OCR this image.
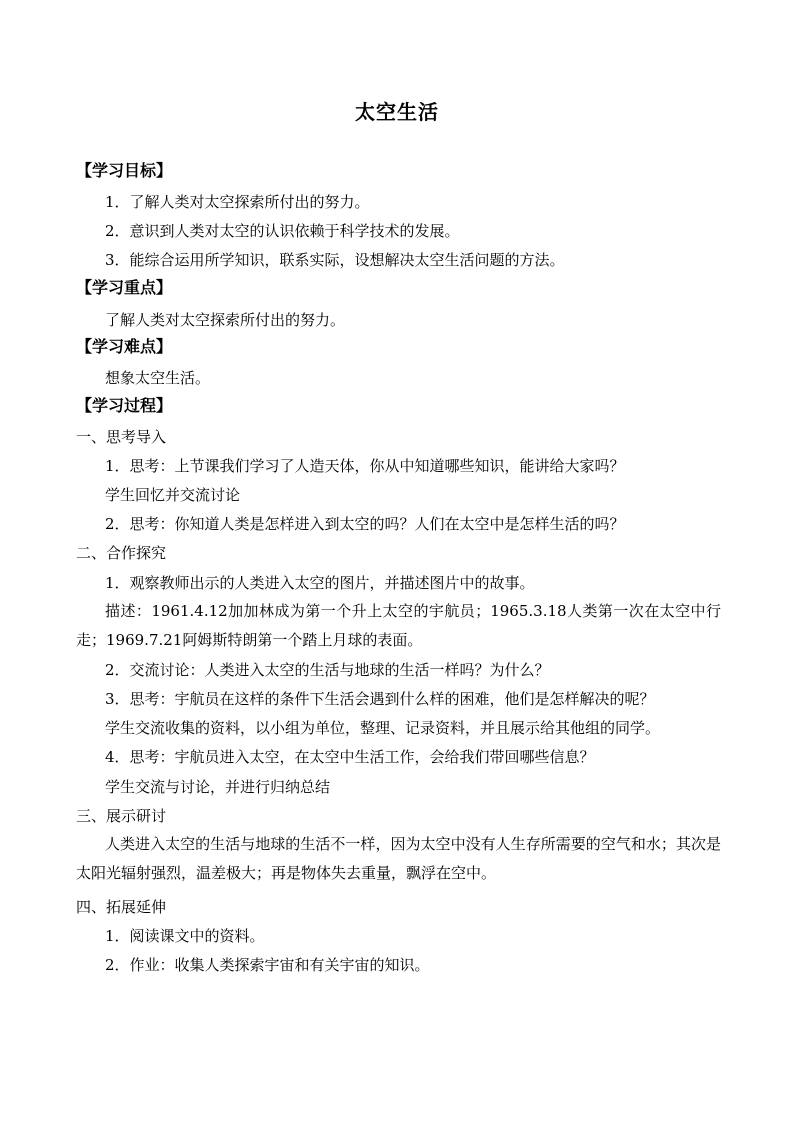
太空生活
【学习目标】
1．了解人类对太空探索所付出的努力。
2．意识到人类对太空的认识依赖于科学技术的发展。
3．能综合运用所学知识，联系实际，设想解决太空生活问题的方法。
【学习重点】
了解人类对太空探索所付出的努力。
【学习难点】
想象太空生活。
【学习过程】
一、思考导入
1．思考：上节课我们学习了人造天体，你从中知道哪些知识，能讲给大家吗？
学生回忆并交流讨论
2．思考：你知道人类是怎样进入到太空的吗？人们在太空中是怎样生活的吗？
二、合作探究
1．观察教师出示的人类进入太空的图片，并描述图片中的故事。
描述：1961.4.12加加林成为第一个升上太空的宇航员；1965.3.18人类第一次在太空中行走；1969.7.21阿姆斯特朗第一个踏上月球的表面。
2．交流讨论：人类进入太空的生活与地球的生活一样吗？为什么？
3．思考：宇航员在这样的条件下生活会遇到什么样的困难，他们是怎样解决的呢？
学生交流收集的资料，以小组为单位，整理、记录资料，并且展示给其他组的同学。
4．思考：宇航员进入太空，在太空中生活工作，会给我们带回哪些信息？
学生交流与讨论，并进行归纳总结
三、展示研讨
人类进入太空的生活与地球的生活不一样，因为太空中没有人生存所需要的空气和水；其次是太阳光辐射强烈，温差极大；再是物体失去重量，飘浮在空中。
四、拓展延伸
1．阅读课文中的资料。
2．作业：收集人类探索宇宙和有关宇宙的知识。
